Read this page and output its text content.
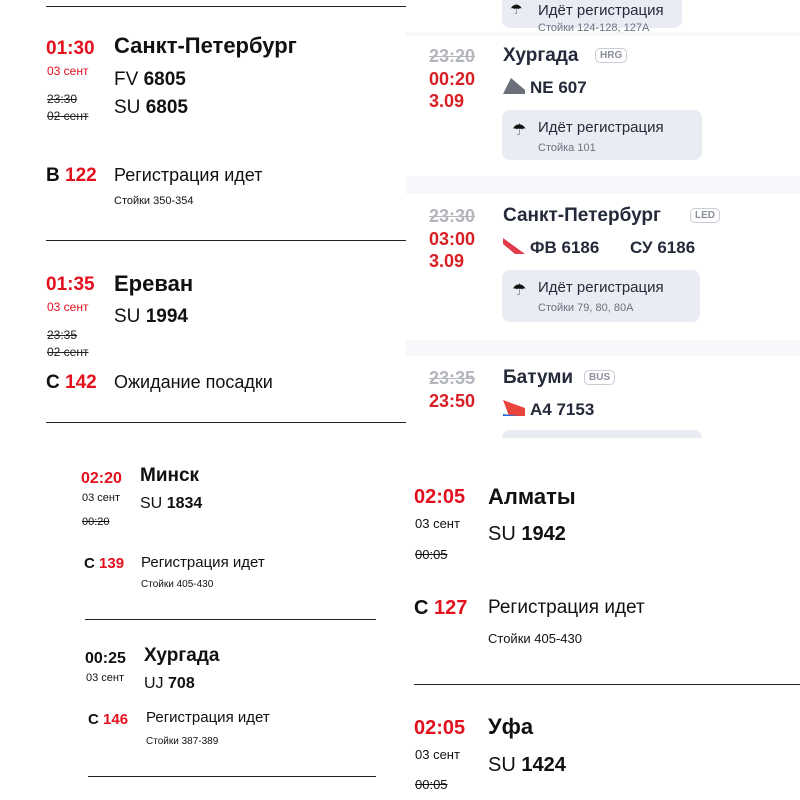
01:30
03 сент
23:30
02 сент
Санкт-Петербург
FV 6805
SU 6805
В 122 Регистрация идет
Стойки 350-354
01:35
03 сент
23:35
02 сент
Ереван
SU 1994
С 142 Ожидание посадки
☂ Идёт регистрация
Стойки 124-128, 127А
23:20
00:20
3.09
Хургада	HRG
NE 607
☂ Идёт регистрация
Стойка 101
23:30
03:00
3.09
Санкт-Петербург	LED
ФВ 6186 СУ 6186
☂ Идёт регистрация
Стойки 79, 80, 80А
23:35
23:50
Батуми	BUS
А4 7153
02:20
03 сент
00:20
Минск
SU 1834
С 139 Регистрация идет
Стойки 405-430
00:25
03 сент
Хургада
UJ 708
С 146 Регистрация идет
Стойки 387-389
02:05
03 сент
00:05
Алматы
SU 1942
С 127 Регистрация идет
Стойки 405-430
02:05
03 сент
00:05
Уфа
SU 1424
